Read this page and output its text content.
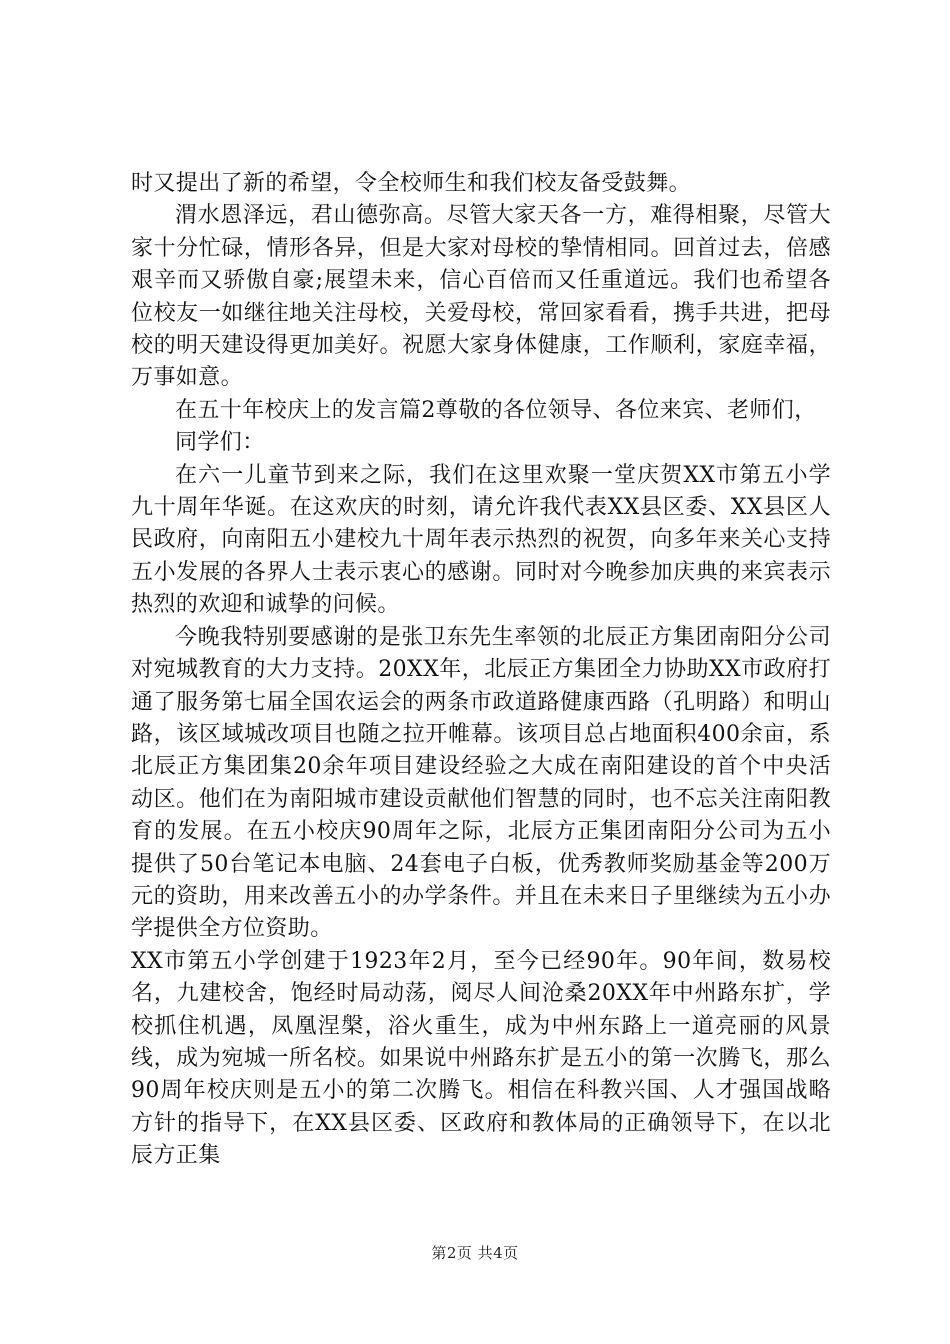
时又提出了新的希望，令全校师生和我们校友备受鼓舞。

渭水恩泽远，君山德弥高。尽管大家天各一方，难得相聚，尽管大家十分忙碌，情形各异，但是大家对母校的挚情相同。回首过去，倍感艰辛而又骄傲自豪;展望未来，信心百倍而又任重道远。我们也希望各位校友一如继往地关注母校，关爱母校，常回家看看，携手共进，把母校的明天建设得更加美好。祝愿大家身体健康，工作顺利，家庭幸福，万事如意。

在五十年校庆上的发言篇2尊敬的各位领导、各位来宾、老师们，

同学们：

在六一儿童节到来之际，我们在这里欢聚一堂庆贺XX市第五小学九十周年华诞。在这欢庆的时刻，请允许我代表XX县区委、XX县区人民政府，向南阳五小建校九十周年表示热烈的祝贺，向多年来关心支持五小发展的各界人士表示衷心的感谢。同时对今晚参加庆典的来宾表示热烈的欢迎和诚挚的问候。

今晚我特别要感谢的是张卫东先生率领的北辰正方集团南阳分公司对宛城教育的大力支持。20XX年，北辰正方集团全力协助XX市政府打通了服务第七届全国农运会的两条市政道路健康西路（孔明路）和明山路，该区域城改项目也随之拉开帷幕。该项目总占地面积400余亩，系北辰正方集团集20余年项目建设经验之大成在南阳建设的首个中央活动区。他们在为南阳城市建设贡献他们智慧的同时，也不忘关注南阳教育的发展。在五小校庆90周年之际，北辰方正集团南阳分公司为五小提供了50台笔记本电脑、24套电子白板，优秀教师奖励基金等200万元的资助，用来改善五小的办学条件。并且在未来日子里继续为五小办学提供全方位资助。

XX市第五小学创建于1923年2月，至今已经90年。90年间，数易校名，九建校舍，饱经时局动荡，阅尽人间沧桑20XX年中州路东扩，学校抓住机遇，凤凰涅槃，浴火重生，成为中州东路上一道亮丽的风景线，成为宛城一所名校。如果说中州路东扩是五小的第一次腾飞，那么90周年校庆则是五小的第二次腾飞。相信在科教兴国、人才强国战略方针的指导下，在XX县区委、区政府和教体局的正确领导下，在以北辰方正集

第2页 共4页
